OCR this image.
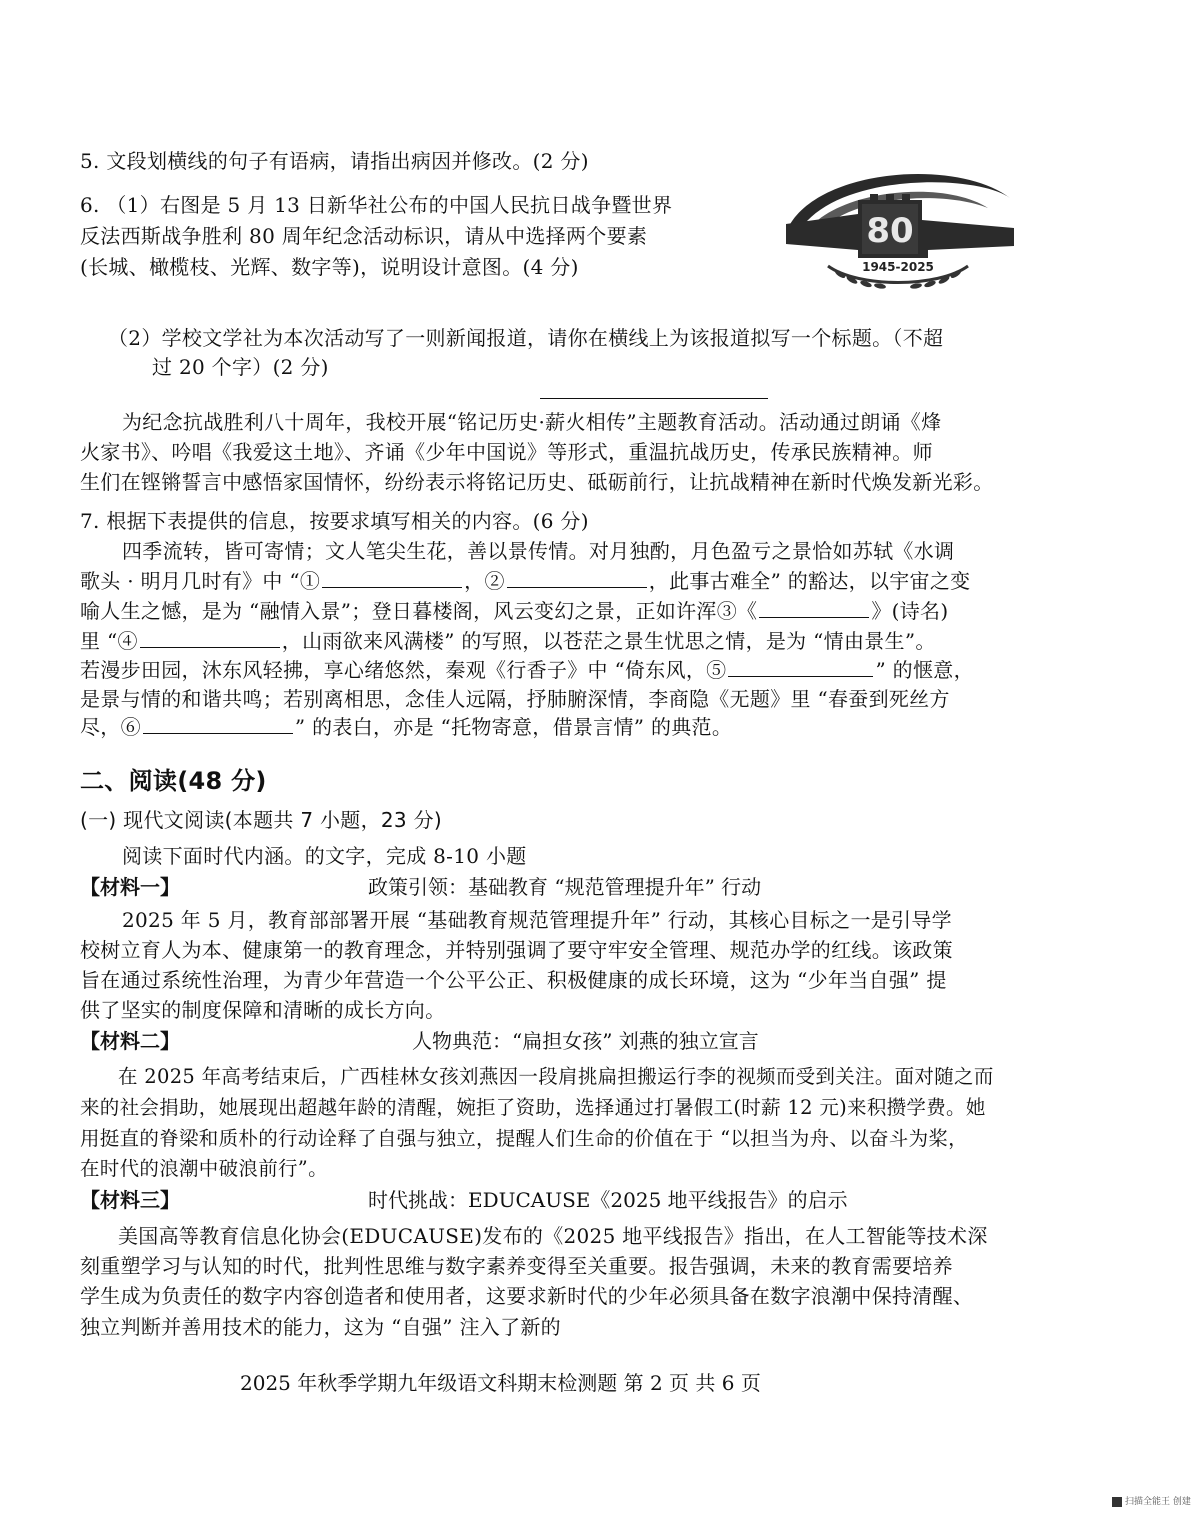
5. 文段划横线的句子有语病，请指出病因并修改。(2 分)
6. （1）右图是 5 月 13 日新华社公布的中国人民抗日战争暨世界
反法西斯战争胜利 80 周年纪念活动标识，请从中选择两个要素
(长城、橄榄枝、光辉、数字等)，说明设计意图。(4 分)
80
1945-2025
（2）学校文学社为本次活动写了一则新闻报道，请你在横线上为该报道拟写一个标题。（不超
过 20 个字）(2 分)
为纪念抗战胜利八十周年，我校开展“铭记历史·薪火相传”主题教育活动。活动通过朗诵《烽
火家书》、吟唱《我爱这土地》、齐诵《少年中国说》等形式，重温抗战历史，传承民族精神。师
生们在铿锵誓言中感悟家国情怀，纷纷表示将铭记历史、砥砺前行，让抗战精神在新时代焕发新光彩。
7. 根据下表提供的信息，按要求填写相关的内容。(6 分)
四季流转，皆可寄情；文人笔尖生花，善以景传情。对月独酌，月色盈亏之景恰如苏轼《水调
歌头 · 明月几时有》中 “①	，②	，此事古难全” 的豁达，以宇宙之变
喻人生之憾，是为 “融情入景”；登日暮楼阁，风云变幻之景，正如许浑③《	》(诗名)
里 “④	，山雨欲来风满楼” 的写照，以苍茫之景生忧思之情，是为 “情由景生”。
若漫步田园，沐东风轻拂，享心绪悠然，秦观《行香子》中 “倚东风，⑤	” 的惬意，
是景与情的和谐共鸣；若别离相思，念佳人远隔，抒肺腑深情，李商隐《无题》里 “春蚕到死丝方
尽，⑥	” 的表白，亦是 “托物寄意，借景言情” 的典范。
二、阅读(48 分)
(一) 现代文阅读(本题共 7 小题，23 分)
阅读下面时代内涵。的文字，完成 8-10 小题
【材料一】	政策引领：基础教育 “规范管理提升年” 行动
2025 年 5 月，教育部部署开展 “基础教育规范管理提升年” 行动，其核心目标之一是引导学
校树立育人为本、健康第一的教育理念，并特别强调了要守牢安全管理、规范办学的红线。该政策
旨在通过系统性治理，为青少年营造一个公平公正、积极健康的成长环境，这为 “少年当自强” 提
供了坚实的制度保障和清晰的成长方向。
【材料二】	人物典范：“扁担女孩” 刘燕的独立宣言
在 2025 年高考结束后，广西桂林女孩刘燕因一段肩挑扁担搬运行李的视频而受到关注。面对随之而
来的社会捐助，她展现出超越年龄的清醒，婉拒了资助，选择通过打暑假工(时薪 12 元)来积攒学费。她
用挺直的脊梁和质朴的行动诠释了自强与独立，提醒人们生命的价值在于 “以担当为舟、以奋斗为桨，
在时代的浪潮中破浪前行”。
【材料三】	时代挑战：EDUCAUSE《2025 地平线报告》的启示
美国高等教育信息化协会(EDUCAUSE)发布的《2025 地平线报告》指出，在人工智能等技术深
刻重塑学习与认知的时代，批判性思维与数字素养变得至关重要。报告强调，未来的教育需要培养
学生成为负责任的数字内容创造者和使用者，这要求新时代的少年必须具备在数字浪潮中保持清醒、
独立判断并善用技术的能力，这为 “自强” 注入了新的
2025 年秋季学期九年级语文科期末检测题 第 2 页 共 6 页
扫描全能王 创建
